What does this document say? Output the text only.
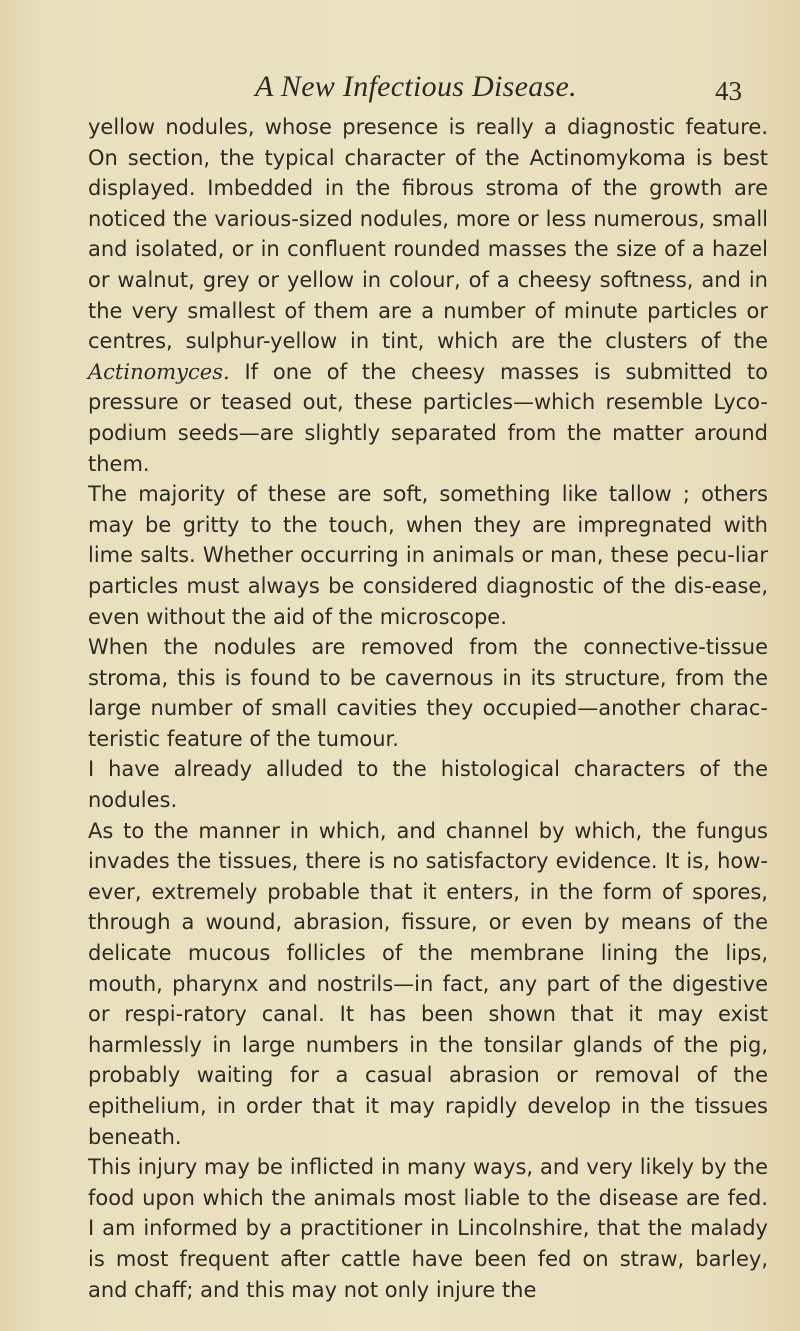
A New Infectious Disease.	43

yellow nodules, whose presence is really a diagnostic feature. On section, the typical character of the Actinomykoma is best displayed. Imbedded in the fibrous stroma of the growth are noticed the various-sized nodules, more or less numerous, small and isolated, or in confluent rounded masses the size of a hazel or walnut, grey or yellow in colour, of a cheesy softness, and in the very smallest of them are a number of minute particles or centres, sulphur-yellow in tint, which are the clusters of the Actinomyces. If one of the cheesy masses is submitted to pressure or teased out, these particles—which resemble Lyco-podium seeds—are slightly separated from the matter around them.

The majority of these are soft, something like tallow ; others may be gritty to the touch, when they are impregnated with lime salts. Whether occurring in animals or man, these pecu-liar particles must always be considered diagnostic of the dis-ease, even without the aid of the microscope.

When the nodules are removed from the connective-tissue stroma, this is found to be cavernous in its structure, from the large number of small cavities they occupied—another charac-teristic feature of the tumour.

I have already alluded to the histological characters of the nodules.

As to the manner in which, and channel by which, the fungus invades the tissues, there is no satisfactory evidence. It is, how-ever, extremely probable that it enters, in the form of spores, through a wound, abrasion, fissure, or even by means of the delicate mucous follicles of the membrane lining the lips, mouth, pharynx and nostrils—in fact, any part of the digestive or respi-ratory canal. It has been shown that it may exist harmlessly in large numbers in the tonsilar glands of the pig, probably waiting for a casual abrasion or removal of the epithelium, in order that it may rapidly develop in the tissues beneath.

This injury may be inflicted in many ways, and very likely by the food upon which the animals most liable to the disease are fed. I am informed by a practitioner in Lincolnshire, that the malady is most frequent after cattle have been fed on straw, barley, and chaff; and this may not only injure the
